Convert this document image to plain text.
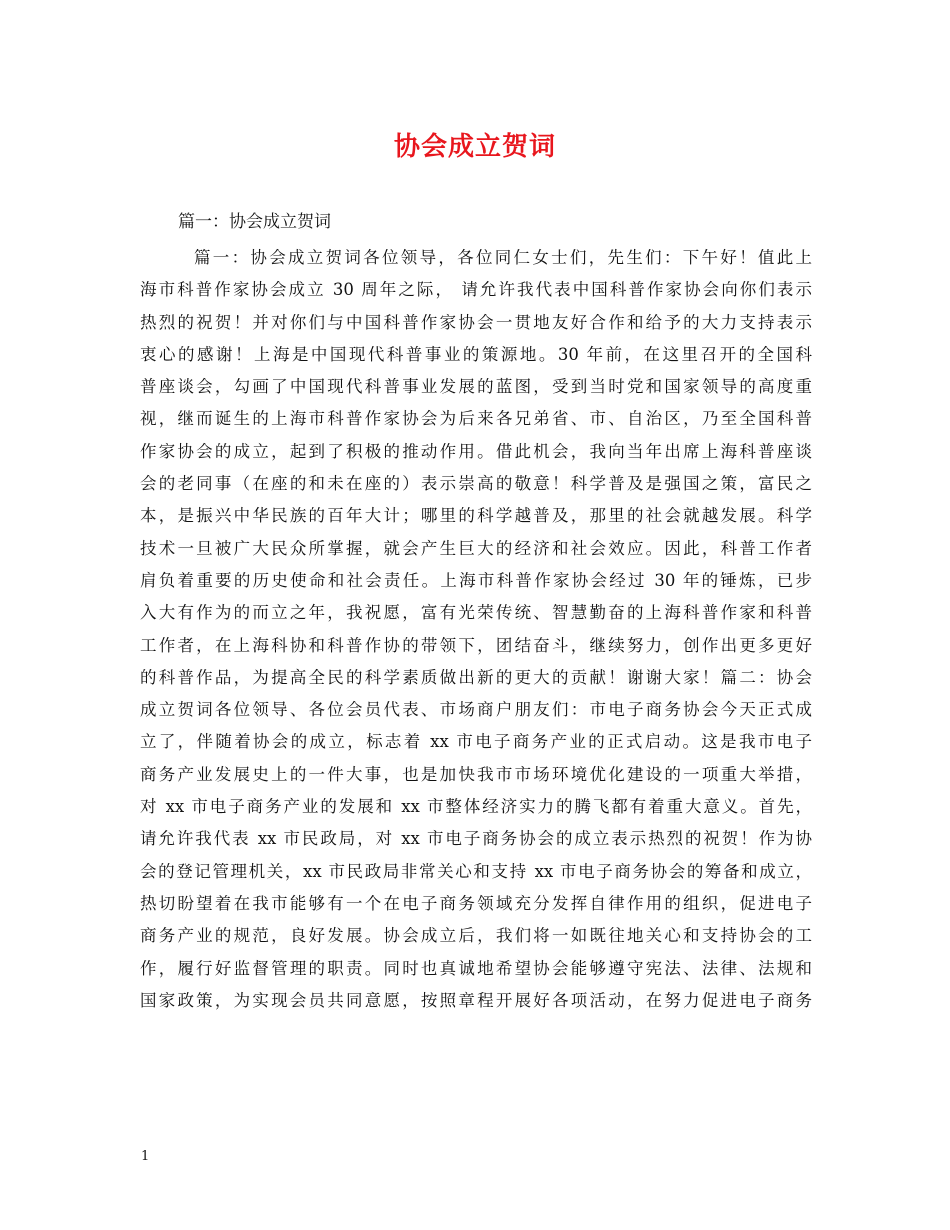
协会成立贺词
篇一：协会成立贺词
篇一：协会成立贺词各位领导，各位同仁女士们，先生们：下午好！值此上
海市科普作家协会成立 30 周年之际， 请允许我代表中国科普作家协会向你们表示
热烈的祝贺！并对你们与中国科普作家协会一贯地友好合作和给予的大力支持表示
衷心的感谢！上海是中国现代科普事业的策源地。30 年前，在这里召开的全国科
普座谈会，勾画了中国现代科普事业发展的蓝图，受到当时党和国家领导的高度重
视，继而诞生的上海市科普作家协会为后来各兄弟省、市、自治区，乃至全国科普
作家协会的成立，起到了积极的推动作用。借此机会，我向当年出席上海科普座谈
会的老同事（在座的和未在座的）表示崇高的敬意！科学普及是强国之策，富民之
本，是振兴中华民族的百年大计；哪里的科学越普及，那里的社会就越发展。科学
技术一旦被广大民众所掌握，就会产生巨大的经济和社会效应。因此，科普工作者
肩负着重要的历史使命和社会责任。上海市科普作家协会经过 30 年的锤炼，已步
入大有作为的而立之年，我祝愿，富有光荣传统、智慧勤奋的上海科普作家和科普
工作者，在上海科协和科普作协的带领下，团结奋斗，继续努力，创作出更多更好
的科普作品，为提高全民的科学素质做出新的更大的贡献！谢谢大家！篇二：协会
成立贺词各位领导、各位会员代表、市场商户朋友们：市电子商务协会今天正式成
立了，伴随着协会的成立，标志着 xx 市电子商务产业的正式启动。这是我市电子
商务产业发展史上的一件大事，也是加快我市市场环境优化建设的一项重大举措，
对 xx 市电子商务产业的发展和 xx 市整体经济实力的腾飞都有着重大意义。首先，
请允许我代表 xx 市民政局，对 xx 市电子商务协会的成立表示热烈的祝贺！作为协
会的登记管理机关，xx 市民政局非常关心和支持 xx 市电子商务协会的筹备和成立，
热切盼望着在我市能够有一个在电子商务领域充分发挥自律作用的组织，促进电子
商务产业的规范，良好发展。协会成立后，我们将一如既往地关心和支持协会的工
作，履行好监督管理的职责。同时也真诚地希望协会能够遵守宪法、法律、法规和
国家政策，为实现会员共同意愿，按照章程开展好各项活动，在努力促进电子商务
1
